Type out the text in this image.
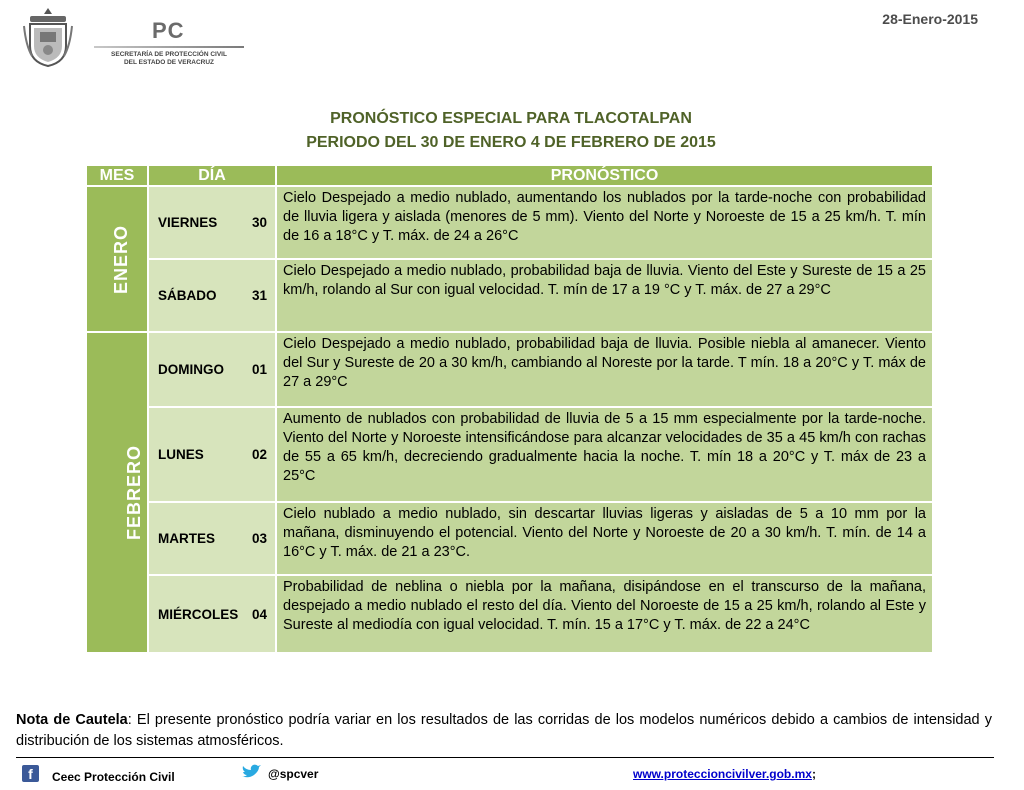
PC
SECRETARÍA DE PROTECCIÓN CIVIL
DEL ESTADO DE VERACRUZ
28-Enero-2015
PRONÓSTICO ESPECIAL PARA TLACOTALPAN
PERIODO DEL 30 DE ENERO 4 DE FEBRERO DE 2015
MES	DÍA	PRONÓSTICO
ENERO	VIERNES 30	Cielo Despejado a medio nublado, aumentando los nublados por la tarde-noche con probabilidad de lluvia ligera y aislada (menores de 5 mm). Viento del Norte y Noroeste de 15 a 25 km/h. T. mín de 16 a 18°C y T. máx. de 24 a 26°C

	SÁBADO 31	Cielo Despejado a medio nublado, probabilidad baja de lluvia. Viento del Este y Sureste de 15 a 25 km/h, rolando al Sur con igual velocidad. T. mín de 17 a 19 °C y T. máx. de 27 a 29°C
FEBRERO	DOMINGO 01	Cielo Despejado a medio nublado, probabilidad baja de lluvia. Posible niebla al amanecer. Viento del Sur y Sureste de 20 a 30 km/h, cambiando al Noreste por la tarde. T mín. 18 a 20°C y T. máx de 27 a 29°C

	LUNES 02	Aumento de nublados con probabilidad de lluvia de 5 a 15 mm especialmente por la tarde-noche. Viento del Norte y Noroeste intensificándose para alcanzar velocidades de 35 a 45 km/h con rachas de 55 a 65 km/h, decreciendo gradualmente hacia la noche. T. mín 18 a 20°C y T. máx de 23 a 25°C

	MARTES 03	Cielo nublado a medio nublado, sin descartar lluvias ligeras y aisladas de 5 a 10 mm por la mañana, disminuyendo el potencial. Viento del Norte y Noroeste de 20 a 30 km/h. T. mín. de 14 a 16°C y T. máx. de 21 a 23°C.

	MIÉRCOLES 04	Probabilidad de neblina o niebla por la mañana, disipándose en el transcurso de la mañana, despejado a medio nublado el resto del día. Viento del Noroeste de 15 a 25 km/h, rolando al Este y Sureste al mediodía con igual velocidad. T. mín. 15 a 17°C y T. máx. de 22 a 24°C
Nota de Cautela: El presente pronóstico podría variar en los resultados de las corridas de los modelos numéricos debido a cambios de intensidad y distribución de los sistemas atmosféricos.
f	Ceec Protección Civil	@spcver	www.proteccioncivilver.gob.mx;
